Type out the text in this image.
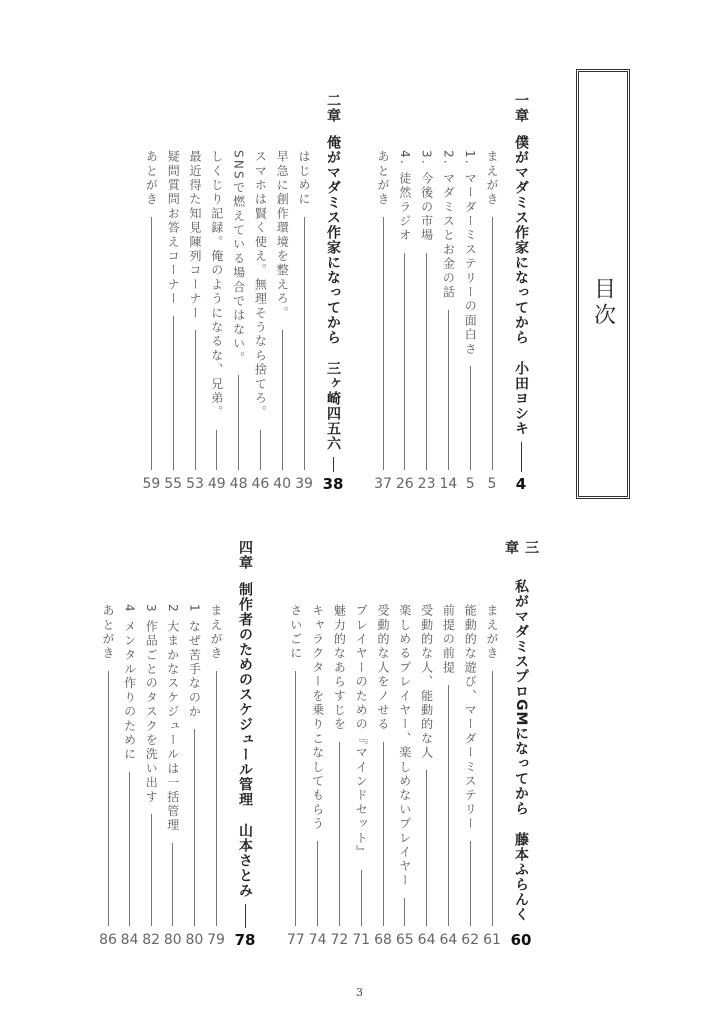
目次
一章
僕がマダミス作家になってから小田ヨシキ
4
まえがき
5
1. マーダーミステリーの面白さ
5
2. マダミスとお金の話
14
3. 今後の市場
23
4. 徒然ラジオ
26
あとがき
37
二章
俺がマダミス作家になってから三ヶ崎四五六
38
はじめに
39
早急に創作環境を整えろ。
40
スマホは賢く使え。無理そうなら捨てろ。
46
SNSで燃えている場合ではない。
48
しくじり記録。俺のようになるな、兄弟。
49
最近得た知見陳列コーナー
53
疑問質問お答えコーナー
55
あとがき
59
三章
私がマダミスプロGMになってから藤本ふらんく
60
まえがき
61
能動的な遊び、マーダーミステリー
62
前提の前提
64
受動的な人、能動的な人
64
楽しめるプレイヤー、楽しめないプレイヤー
65
受動的な人をノせる
68
プレイヤーのための『マインドセット』
71
魅力的なあらすじを
72
キャラクターを乗りこなしてもらう
74
さいごに
77
四章
制作者のためのスケジュール管理山本さとみ
78
まえがき
79
1 なぜ苦手なのか
80
2 大まかなスケジュールは一括管理
80
3 作品ごとのタスクを洗い出す
82
4 メンタル作りのために
84
あとがき
86
3
